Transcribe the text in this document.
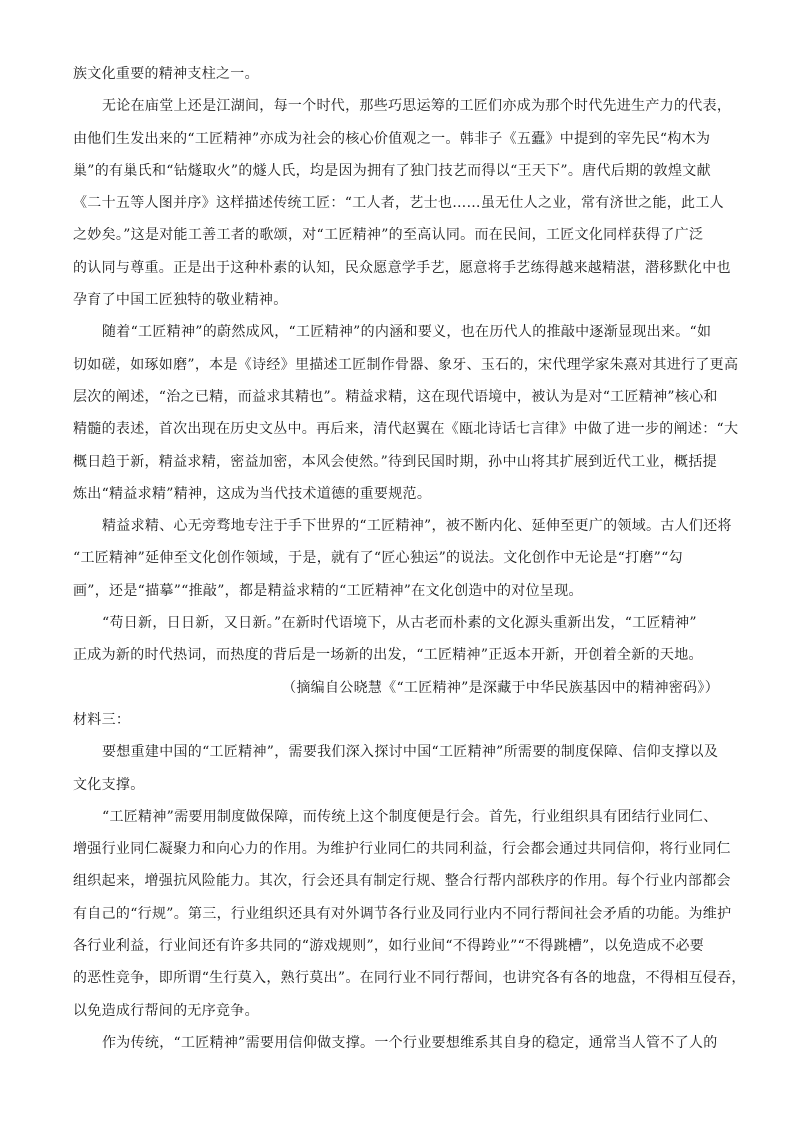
族文化重要的精神支柱之一。

无论在庙堂上还是江湖间，每一个时代，那些巧思运筹的工匠们亦成为那个时代先进生产力的代表，

由他们生发出来的“工匠精神”亦成为社会的核心价值观之一。韩非子《五蠹》中提到的宰先民“构木为

巢”的有巢氏和“钻燧取火”的燧人氏，均是因为拥有了独门技艺而得以“王天下”。唐代后期的敦煌文献

《二十五等人图并序》这样描述传统工匠：“工人者，艺士也……虽无仕人之业，常有济世之能，此工人

之妙矣。”这是对能工善工者的歌颂，对“工匠精神”的至高认同。而在民间，工匠文化同样获得了广泛

的认同与尊重。正是出于这种朴素的认知，民众愿意学手艺，愿意将手艺练得越来越精湛，潜移默化中也

孕育了中国工匠独特的敬业精神。

随着“工匠精神”的蔚然成风，“工匠精神”的内涵和要义，也在历代人的推敲中逐渐显现出来。“如

切如磋，如琢如磨”，本是《诗经》里描述工匠制作骨器、象牙、玉石的，宋代理学家朱熹对其进行了更高

层次的阐述，“治之已精，而益求其精也”。精益求精，这在现代语境中，被认为是对“工匠精神”核心和

精髓的表述，首次出现在历史文丛中。再后来，清代赵翼在《瓯北诗话七言律》中做了进一步的阐述：“大

概日趋于新，精益求精，密益加密，本风会使然。”待到民国时期，孙中山将其扩展到近代工业，概括提

炼出“精益求精”精神，这成为当代技术道德的重要规范。

精益求精、心无旁骛地专注于手下世界的“工匠精神”，被不断内化、延伸至更广的领域。古人们还将

“工匠精神”延伸至文化创作领域，于是，就有了“匠心独运”的说法。文化创作中无论是“打磨”“勾

画”，还是“描摹”“推敲”，都是精益求精的“工匠精神”在文化创造中的对位呈现。

“苟日新，日日新，又日新。”在新时代语境下，从古老而朴素的文化源头重新出发，“工匠精神”

正成为新的时代热词，而热度的背后是一场新的出发，“工匠精神”正返本开新，开创着全新的天地。

（摘编自公晓慧《“工匠精神”是深藏于中华民族基因中的精神密码》）

材料三：

要想重建中国的“工匠精神”，需要我们深入探讨中国“工匠精神”所需要的制度保障、信仰支撑以及

文化支撑。

“工匠精神”需要用制度做保障，而传统上这个制度便是行会。首先，行业组织具有团结行业同仁、

增强行业同仁凝聚力和向心力的作用。为维护行业同仁的共同利益，行会都会通过共同信仰，将行业同仁

组织起来，增强抗风险能力。其次，行会还具有制定行规、整合行帮内部秩序的作用。每个行业内部都会

有自己的“行规”。第三，行业组织还具有对外调节各行业及同行业内不同行帮间社会矛盾的功能。为维护

各行业利益，行业间还有许多共同的“游戏规则”，如行业间“不得跨业”“不得跳槽”，以免造成不必要

的恶性竞争，即所谓“生行莫入，熟行莫出”。在同行业不同行帮间，也讲究各有各的地盘，不得相互侵吞，

以免造成行帮间的无序竞争。

作为传统，“工匠精神”需要用信仰做支撑。一个行业要想维系其自身的稳定，通常当人管不了人的
